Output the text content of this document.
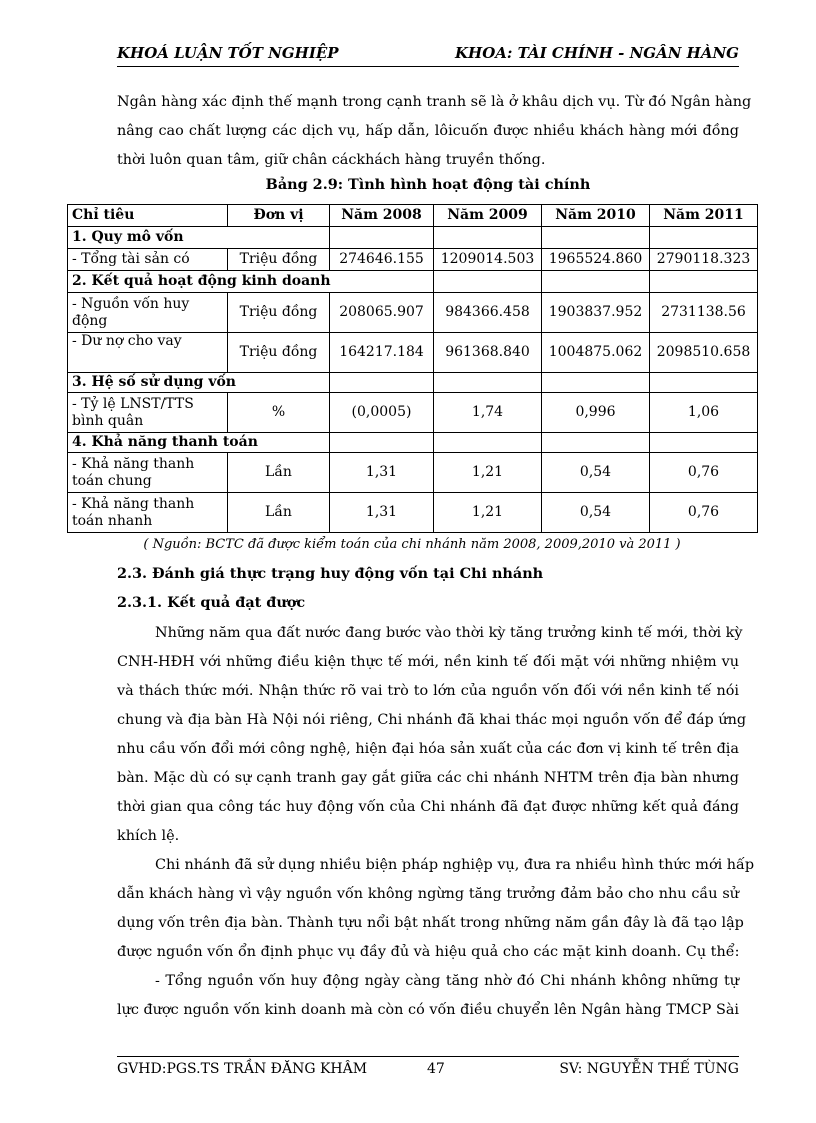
KHOÁ LUẬN TỐT NGHIỆP	KHOA: TÀI CHÍNH - NGÂN HÀNG
Ngân hàng xác định thế mạnh trong cạnh tranh sẽ là ở khâu dịch vụ. Từ đó Ngân hàng
nâng cao chất lượng các dịch vụ, hấp dẫn, lôicuốn được nhiều khách hàng mới đồng
thời luôn quan tâm, giữ chân cáckhách hàng truyền thống.
Bảng 2.9: Tình hình hoạt động tài chính
Chỉ tiêu	Đơn vị	Năm 2008	Năm 2009	Năm 2010	Năm 2011
1. Quy mô vốn					
- Tổng tài sản có	Triệu đồng	274646.155	1209014.503	1965524.860	2790118.323
2. Kết quả hoạt động kinh doanh					
- Nguồn vốn huy động	Triệu đồng	208065.907	984366.458	1903837.952	2731138.56
- Dư nợ cho vay	Triệu đồng	164217.184	961368.840	1004875.062	2098510.658
3. Hệ số sử dụng vốn					
- Tỷ lệ LNST/TTS bình quân	%	(0,0005)	1,74	0,996	1,06
4. Khả năng thanh toán					
- Khả năng thanh toán chung	Lần	1,31	1,21	0,54	0,76
- Khả năng thanh toán nhanh	Lần	1,31	1,21	0,54	0,76
( Nguồn: BCTC đã được kiểm toán của chi nhánh năm 2008, 2009,2010 và 2011 )
2.3. Đánh giá thực trạng huy động vốn tại Chi nhánh
2.3.1. Kết quả đạt được
Những năm qua đất nước đang bước vào thời kỳ tăng trưởng kinh tế mới, thời kỳ
CNH-HĐH với những điều kiện thực tế mới, nền kinh tế đối mặt với những nhiệm vụ
và thách thức mới. Nhận thức rõ vai trò to lớn của nguồn vốn đối với nền kinh tế nói
chung và địa bàn Hà Nội nói riêng, Chi nhánh đã khai thác mọi nguồn vốn để đáp ứng
nhu cầu vốn đổi mới công nghệ, hiện đại hóa sản xuất của các đơn vị kinh tế trên địa
bàn. Mặc dù có sự cạnh tranh gay gắt giữa các chi nhánh NHTM trên địa bàn nhưng
thời gian qua công tác huy động vốn của Chi nhánh đã đạt được những kết quả đáng
khích lệ.
Chi nhánh đã sử dụng nhiều biện pháp nghiệp vụ, đưa ra nhiều hình thức mới hấp
dẫn khách hàng vì vậy nguồn vốn không ngừng tăng trưởng đảm bảo cho nhu cầu sử
dụng vốn trên địa bàn. Thành tựu nổi bật nhất trong những năm gần đây là đã tạo lập
được nguồn vốn ổn định phục vụ đầy đủ và hiệu quả cho các mặt kinh doanh. Cụ thể:
- Tổng nguồn vốn huy động ngày càng tăng nhờ đó Chi nhánh không những tự
lực được nguồn vốn kinh doanh mà còn có vốn điều chuyển lên Ngân hàng TMCP Sài
GVHD:PGS.TS TRẦN ĐĂNG KHÂM	47	SV: NGUYỄN THẾ TÙNG
